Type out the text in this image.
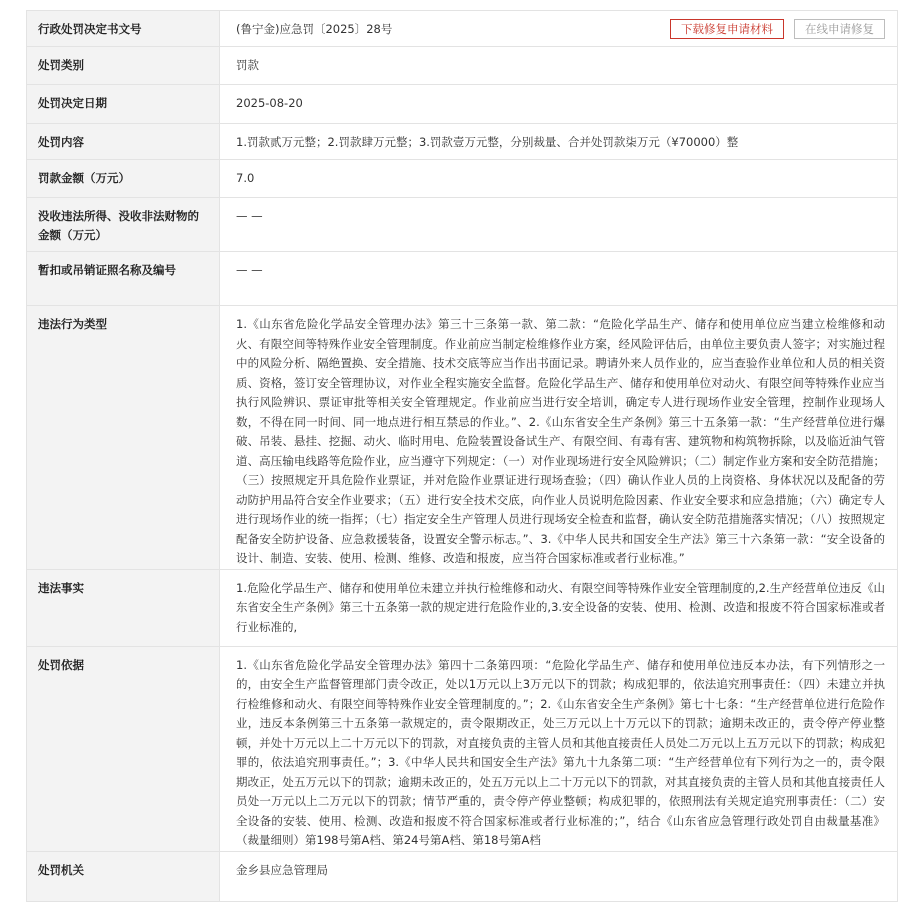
行政处罚决定书文号	(鲁宁金)应急罚〔2025〕28号 下载修复申请材料 在线申请修复

处罚类别	罚款
处罚决定日期	2025-08-20
处罚内容	1.罚款贰万元整；2.罚款肆万元整；3.罚款壹万元整，分别裁量、合并处罚款柒万元（¥70000）整
罚款金额（万元）	7.0
没收违法所得、没收非法财物的金额（万元）	— —
暂扣或吊销证照名称及编号	— —
违法行为类型	1.《山东省危险化学品安全管理办法》第三十三条第一款、第二款：“危险化学品生产、储存和使用单位应当建立检维修和动火、有限空间等特殊作业安全管理制度。作业前应当制定检维修作业方案，经风险评估后，由单位主要负责人签字；对实施过程中的风险分析、隔绝置换、安全措施、技术交底等应当作出书面记录。聘请外来人员作业的，应当查验作业单位和人员的相关资质、资格，签订安全管理协议，对作业全程实施安全监督。危险化学品生产、储存和使用单位对动火、有限空间等特殊作业应当执行风险辨识、票证审批等相关安全管理规定。作业前应当进行安全培训，确定专人进行现场作业安全管理，控制作业现场人数，不得在同一时间、同一地点进行相互禁忌的作业。”、2.《山东省安全生产条例》第三十五条第一款：“生产经营单位进行爆破、吊装、悬挂、挖掘、动火、临时用电、危险装置设备试生产、有限空间、有毒有害、建筑物和构筑物拆除，以及临近油气管道、高压输电线路等危险作业，应当遵守下列规定：（一）对作业现场进行安全风险辨识；（二）制定作业方案和安全防范措施；（三）按照规定开具危险作业票证，并对危险作业票证进行现场查验；（四）确认作业人员的上岗资格、身体状况以及配备的劳动防护用品符合安全作业要求；（五）进行安全技术交底，向作业人员说明危险因素、作业安全要求和应急措施；（六）确定专人进行现场作业的统一指挥；（七）指定安全生产管理人员进行现场安全检查和监督，确认安全防范措施落实情况；（八）按照规定配备安全防护设备、应急救援装备，设置安全警示标志。”、3.《中华人民共和国安全生产法》第三十六条第一款：“安全设备的设计、制造、安装、使用、检测、维修、改造和报废，应当符合国家标准或者行业标准。”
违法事实	1.危险化学品生产、储存和使用单位未建立并执行检维修和动火、有限空间等特殊作业安全管理制度的,2.生产经营单位违反《山东省安全生产条例》第三十五条第一款的规定进行危险作业的,3.安全设备的安装、使用、检测、改造和报废不符合国家标准或者行业标准的,
处罚依据	1.《山东省危险化学品安全管理办法》第四十二条第四项：“危险化学品生产、储存和使用单位违反本办法，有下列情形之一的，由安全生产监督管理部门责令改正，处以1万元以上3万元以下的罚款；构成犯罪的，依法追究刑事责任：（四）未建立并执行检维修和动火、有限空间等特殊作业安全管理制度的。”；2.《山东省安全生产条例》第七十七条：“生产经营单位进行危险作业，违反本条例第三十五条第一款规定的，责令限期改正，处三万元以上十万元以下的罚款；逾期未改正的，责令停产停业整顿，并处十万元以上二十万元以下的罚款，对直接负责的主管人员和其他直接责任人员处二万元以上五万元以下的罚款；构成犯罪的，依法追究刑事责任。”；3.《中华人民共和国安全生产法》第九十九条第二项：“生产经营单位有下列行为之一的，责令限期改正，处五万元以下的罚款；逾期未改正的，处五万元以上二十万元以下的罚款，对其直接负责的主管人员和其他直接责任人员处一万元以上二万元以下的罚款；情节严重的，责令停产停业整顿；构成犯罪的，依照刑法有关规定追究刑事责任：（二）安全设备的安装、使用、检测、改造和报废不符合国家标准或者行业标准的；”，结合《山东省应急管理行政处罚自由裁量基准》（裁量细则）第198号第A档、第24号第A档、第18号第A档
处罚机关	金乡县应急管理局
